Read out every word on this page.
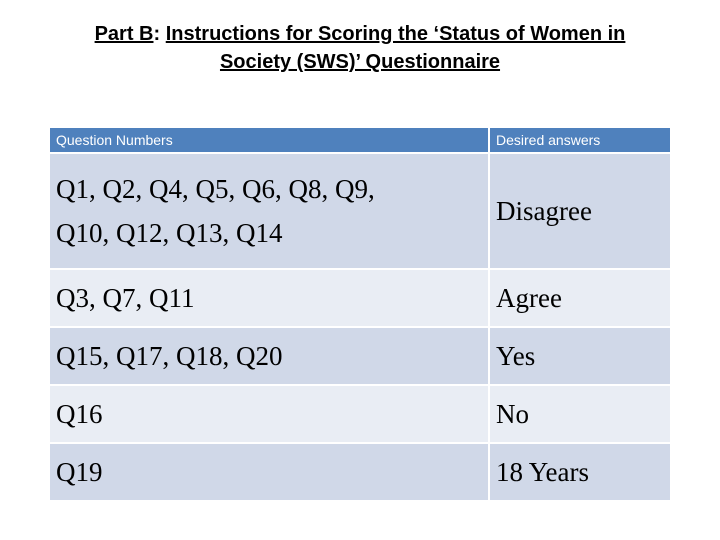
Part B: Instructions for Scoring the ‘Status of Women in
Society (SWS)’ Questionnaire
Question Numbers	Desired answers

Q1, Q2, Q4, Q5, Q6, Q8, Q9,
Q10, Q12, Q13, Q14	Disagree
Q3, Q7, Q11	Agree
Q15, Q17, Q18, Q20	Yes
Q16	No
Q19	18 Years
